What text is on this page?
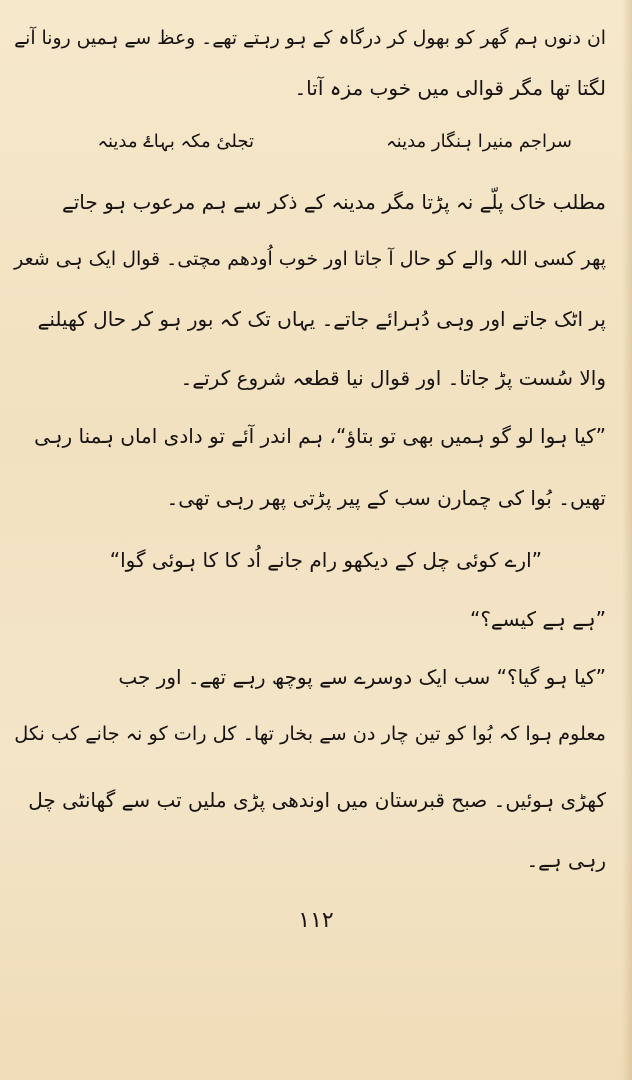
ان دنوں ہم گھر کو بھول کر درگاہ کے ہو رہتے تھے۔ وعظ سے ہمیں رونا آنے
لگتا تھا مگر قوالی میں خوب مزہ آتا۔
سراجم منیرا ہنگار مدینہ
تجلیٔ مکہ بہاۓ مدینہ
مطلب خاک پلّے نہ پڑتا مگر مدینہ کے ذکر سے ہم مرعوب ہو جاتے
پھر کسی اللہ والے کو حال آ جاتا اور خوب اُودھم مچتی۔ قوال ایک ہی شعر
پر اٹک جاتے اور وہی دُہرائے جاتے۔ یہاں تک کہ بور ہو کر حال کھیلنے
والا سُست پڑ جاتا۔ اور قوال نیا قطعہ شروع کرتے۔
”کیا ہوا لو گو ہمیں بھی تو بتاؤ“، ہم اندر آئے تو دادی اماں ہمنا رہی
تھیں۔ بُوا کی چمارن سب کے پیر پڑتی پھر رہی تھی۔
”ارے کوئی چل کے دیکھو رام جانے اُد کا کا ہوئی گوا“
”ہے ہے کیسے؟“
”کیا ہو گیا؟“ سب ایک دوسرے سے پوچھ رہے تھے۔ اور جب
معلوم ہوا کہ بُوا کو تین چار دن سے بخار تھا۔ کل رات کو نہ جانے کب نکل
کھڑی ہوئیں۔ صبح قبرستان میں اوندھی پڑی ملیں تب سے گھانٹی چل
رہی ہے۔
۱۱۲
